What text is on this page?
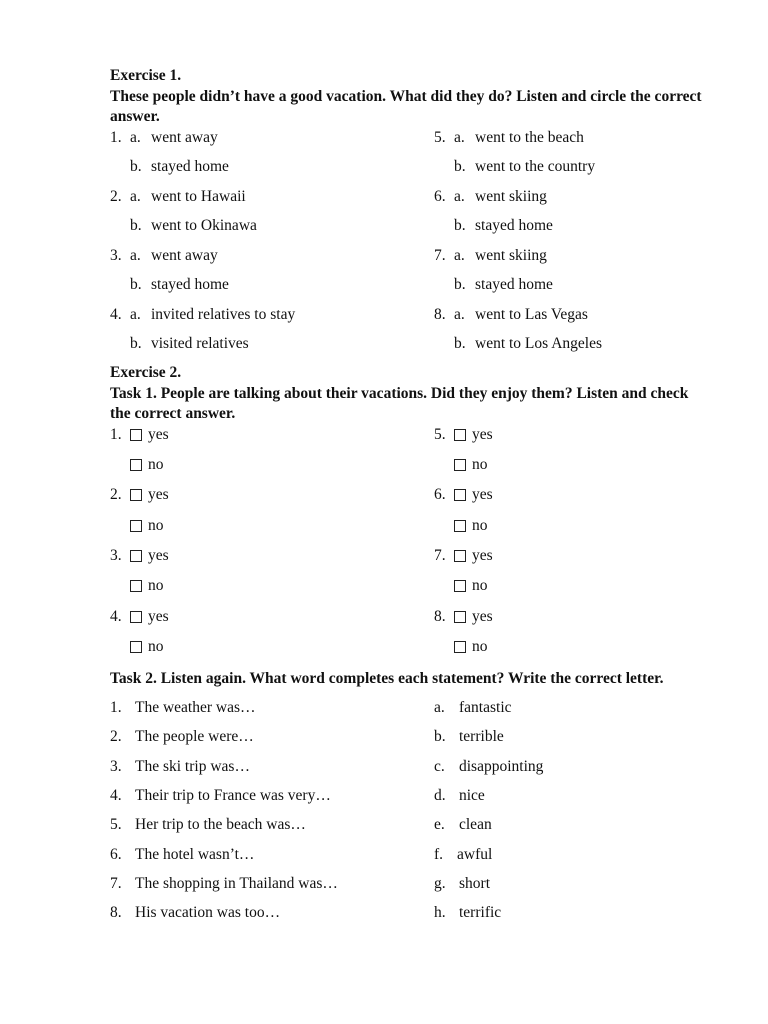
Exercise 1.
These people didn’t have a good vacation. What did they do? Listen and circle the correct answer.
1. a. went away
b. stayed home
2. a. went to Hawaii
b. went to Okinawa
3. a. went away
b. stayed home
4. a. invited relatives to stay
b. visited relatives
5. a. went to the beach
b. went to the country
6. a. went skiing
b. stayed home
7. a. went skiing
b. stayed home
8. a. went to Las Vegas
b. went to Los Angeles
Exercise 2.
Task 1. People are talking about their vacations. Did they enjoy them? Listen and check the correct answer.
1.	yes
no
2.	yes
no
3.	yes
no
4.	yes
no
5.	yes
no
6.	yes
no
7.	yes
no
8.	yes
no
Task 2. Listen again. What word completes each statement? Write the correct letter.
1. The weather was…
2. The people were…
3. The ski trip was…
4. Their trip to France was very…
5. Her trip to the beach was…
6. The hotel wasn’t…
7. The shopping in Thailand was…
8. His vacation was too…
a. fantastic
b. terrible
c. disappointing
d. nice
e. clean
f. awful
g. short
h. terrific
